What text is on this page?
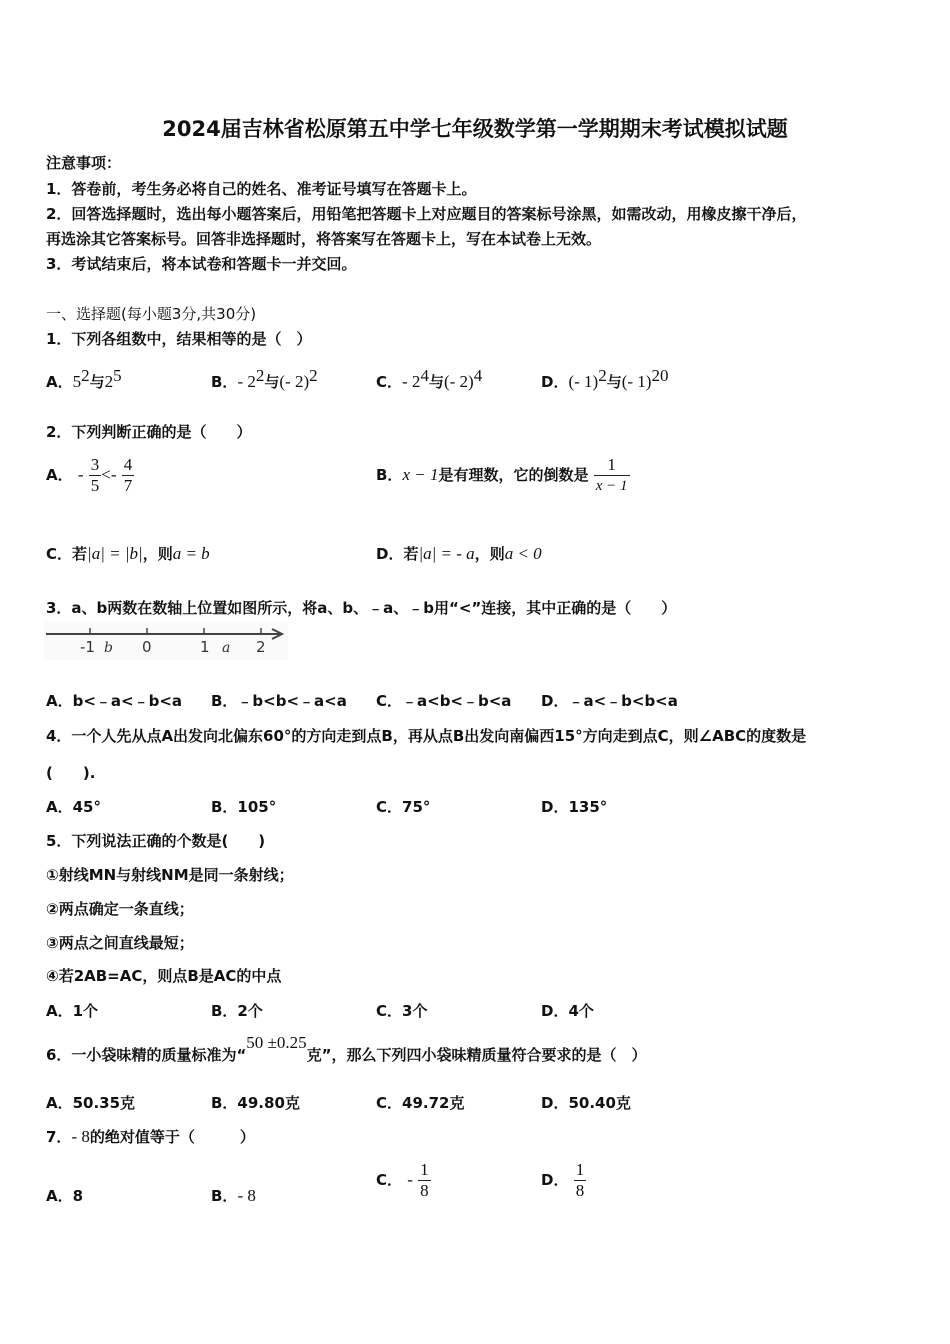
2024届吉林省松原第五中学七年级数学第一学期期末考试模拟试题
注意事项：
1．答卷前，考生务必将自己的姓名、准考证号填写在答题卡上。
2．回答选择题时，选出每小题答案后，用铅笔把答题卡上对应题目的答案标号涂黑，如需改动，用橡皮擦干净后，
再选涂其它答案标号。回答非选择题时，将答案写在答题卡上，写在本试卷上无效。
3．考试结束后，将本试卷和答题卡一并交回。
一、选择题(每小题3分,共30分)
1．下列各组数中，结果相等的是（　）
A．$5^2$与$2^5$	B．- $2^2$与(- 2)$^2$	C．- $2^4$与(- 2)$^4$	D．(- 1)$^2$与(- 1)$^{20}$
2．下列判断正确的是（　　）
A． - $\frac{3}{5} <- \frac{4}{7}$	B．x − 1是有理数，它的倒数是 $\frac{1}{x - 1}$
C．若|a| = |b|，则a = b	D．若|a| = - a，则a < 0
3．a、b两数在数轴上位置如图所示，将a、b、﹣a、﹣b用“<”连接，其中正确的是（　　）
-1 b 0	1 a 2
A．b<﹣a<﹣b<a B．﹣b<b<﹣a<a C．﹣a<b<﹣b<a D．﹣a<﹣b<b<a
4．一个人先从点A出发向北偏东60°的方向走到点B，再从点B出发向南偏西15°方向走到点C，则∠ABC的度数是
(　　).
A．45°	B．105°	C．75°	D．135°
5．下列说法正确的个数是(　　)
①射线MN与射线NM是同一条射线；
②两点确定一条直线；
③两点之间直线最短；
④若2AB=AC，则点B是AC的中点
A．1个	B．2个	C．3个	D．4个
6．一小袋味精的质量标准为“50 ±0.25克”，那么下列四小袋味精质量符合要求的是（　）
A．50.35克	B．49.80克	C．49.72克	D．50.40克
7．- 8的绝对值等于（　　　）
A．8	B．- 8
C． - $\frac{1}{8}$	D． $\frac{1}{8}$
